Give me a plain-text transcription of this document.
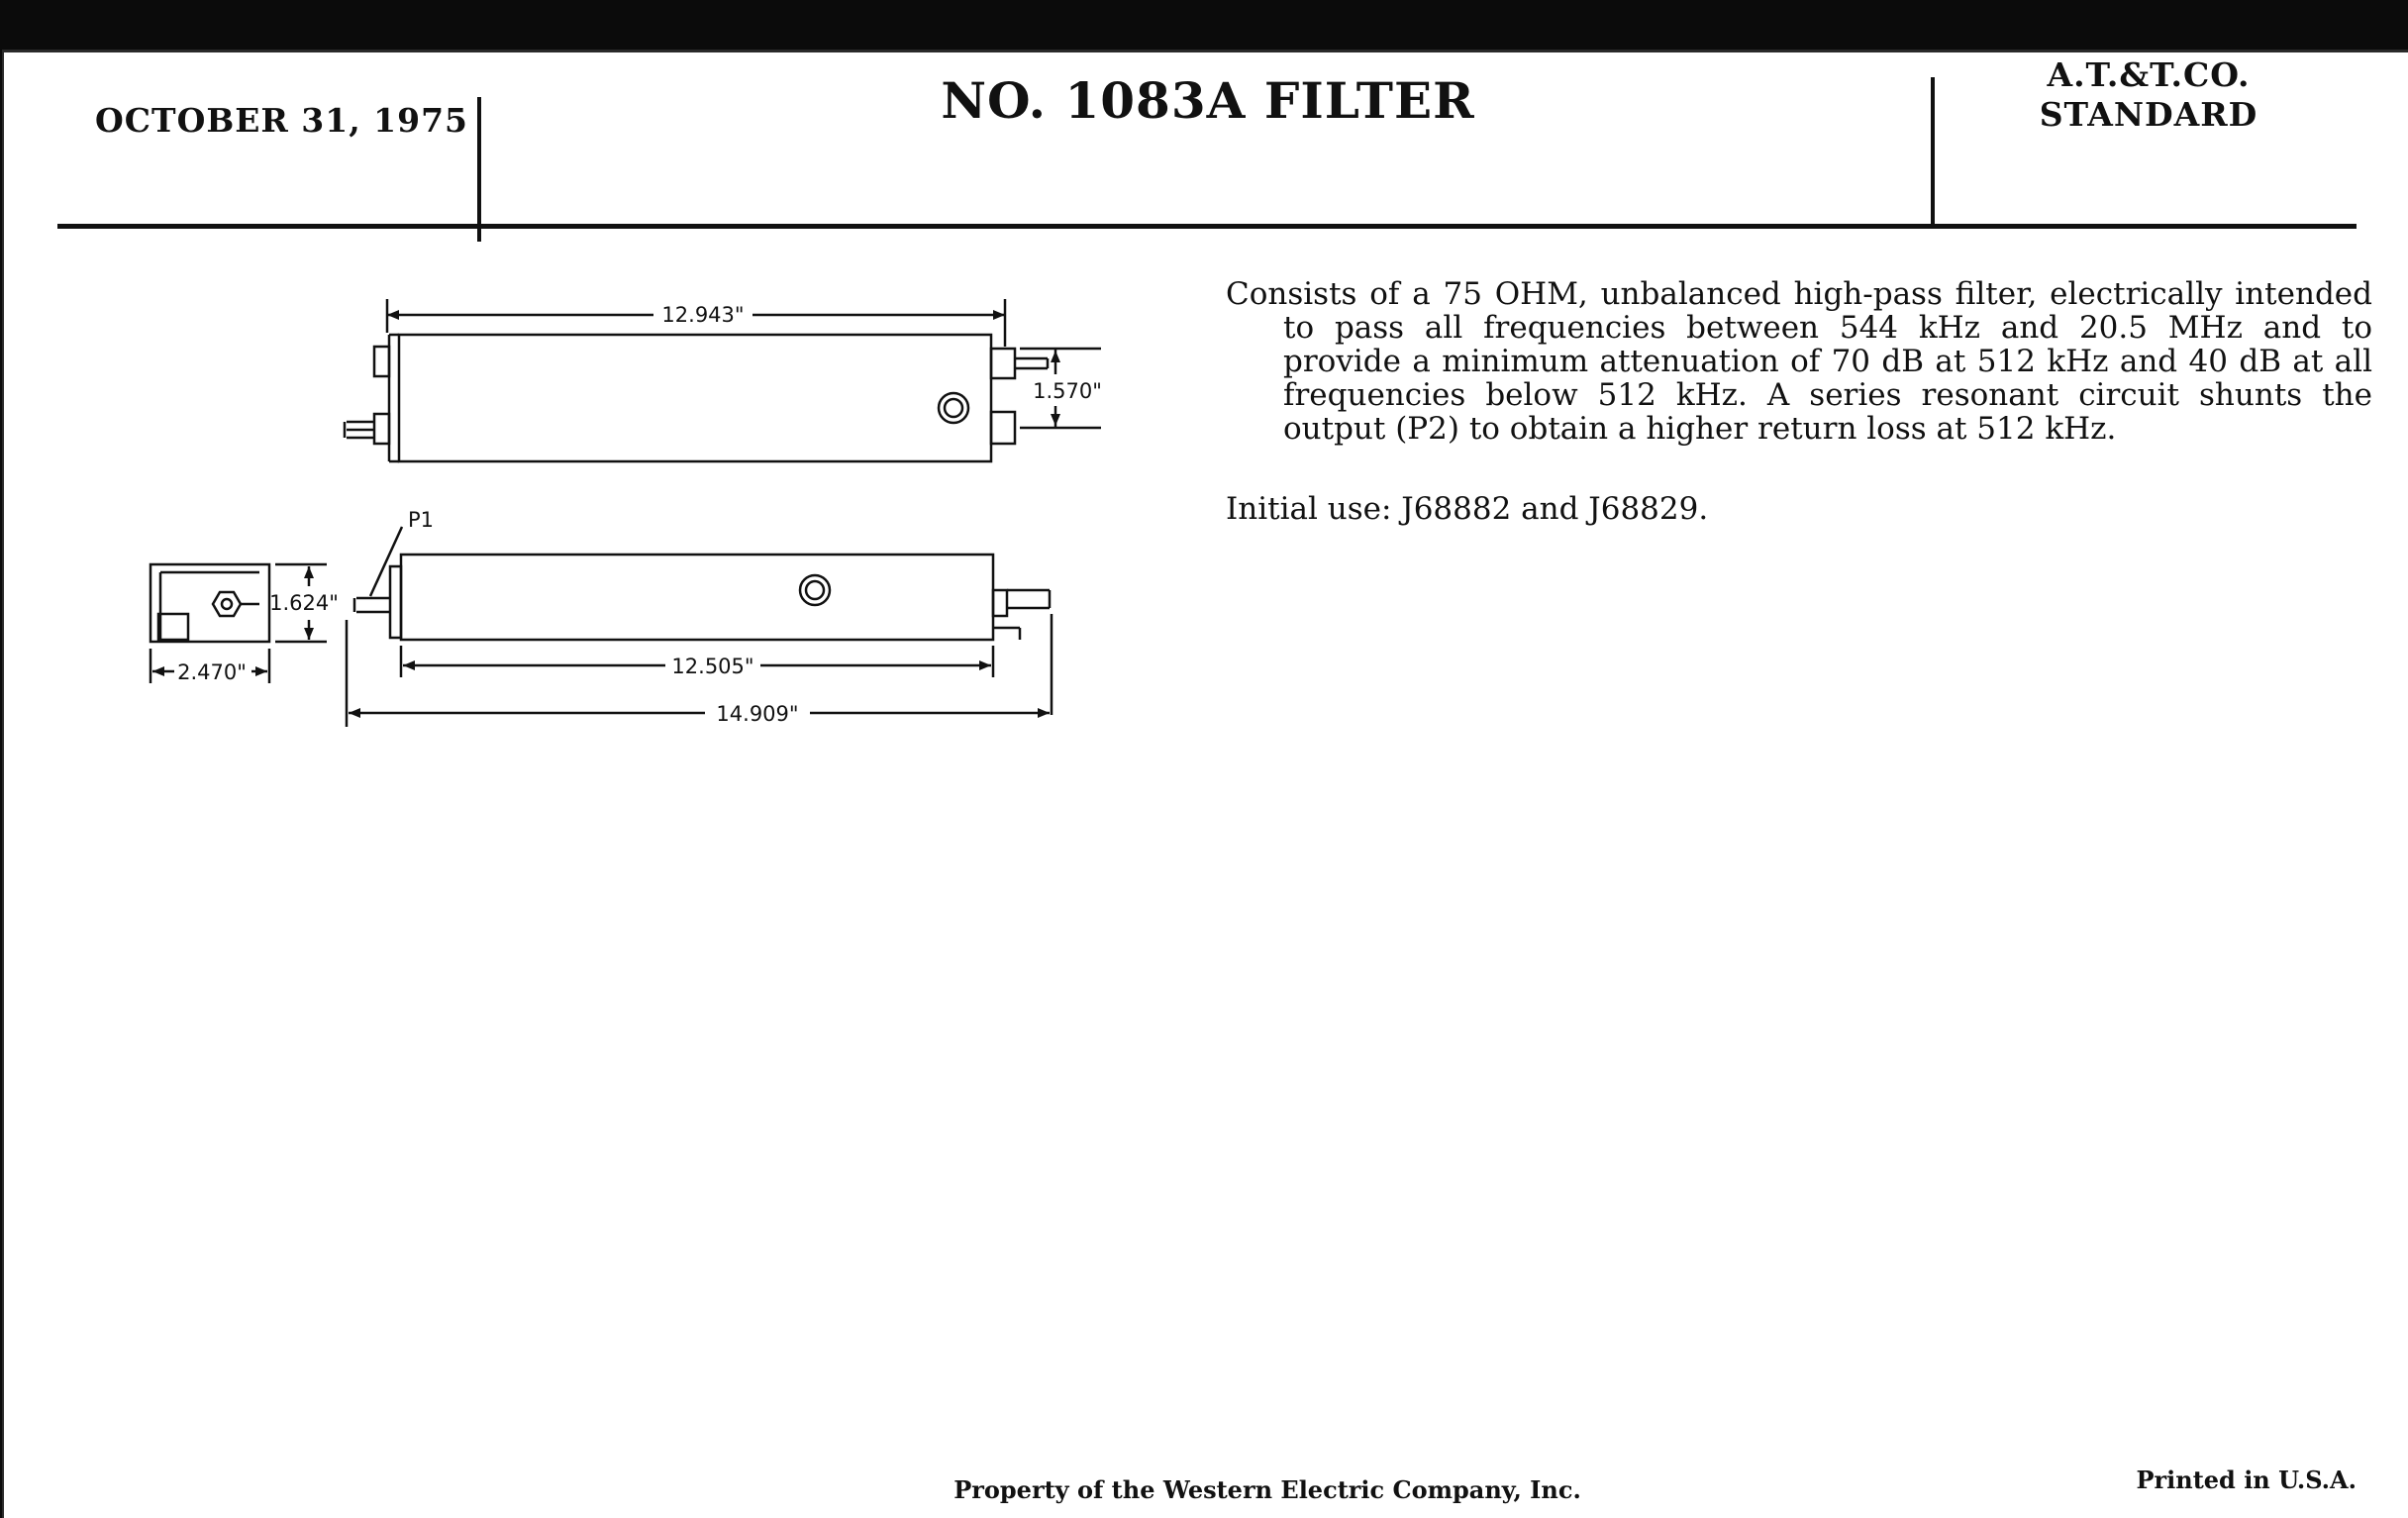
OCTOBER 31, 1975	NO. 1083A FILTER	A.T.&T.CO.
STANDARD
12.943"
1.570"
P1
1.624"
2.470"	12.505"
14.909"
Consists of a 75 OHM, unbalanced high-pass filter, electrically intended to pass all frequencies between 544 kHz and 20.5 MHz and to provide a minimum attenuation of 70 dB at 512 kHz and 40 dB at all frequencies below 512 kHz. A series resonant circuit shunts the output (P2) to obtain a higher return loss at 512 kHz.
Initial use: J68882 and J68829.
Property of the Western Electric Company, Inc.	Printed in U.S.A.
